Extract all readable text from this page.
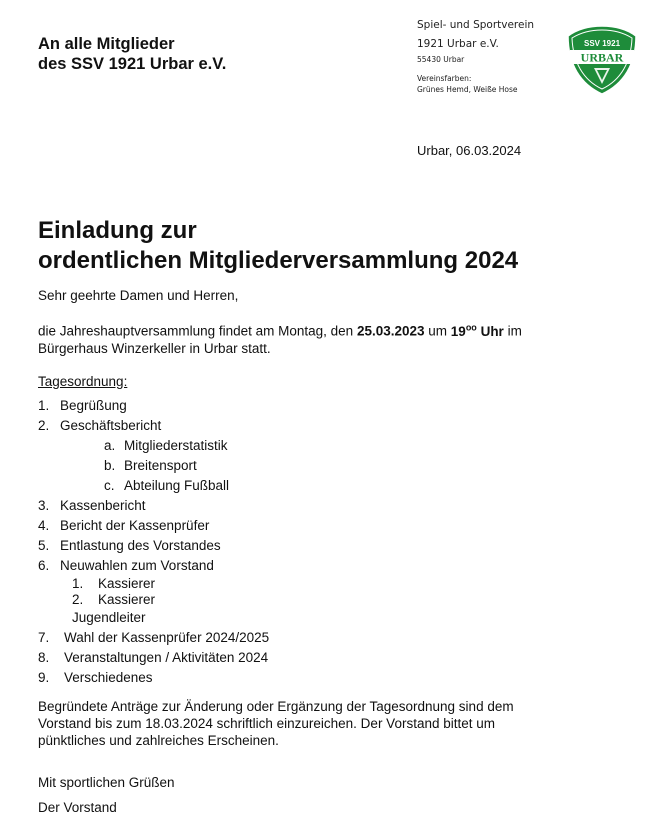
An alle Mitglieder
des SSV 1921 Urbar e.V.
Spiel- und Sportverein
1921 Urbar e.V.
55430 Urbar
Vereinsfarben:
Grünes Hemd, Weiße Hose
SSV 1921
URBAR
Urbar, 06.03.2024
Einladung zur
ordentlichen Mitgliederversammlung 2024

Sehr geehrte Damen und Herren,

die Jahreshauptversammlung findet am Montag, den 25.03.2023 um $19^{oo}$ Uhr im
Bürgerhaus Winzerkeller in Urbar statt.

Tagesordnung:

1. Begrüßung
2. Geschäftsbericht
a. Mitgliederstatistik
b. Breitensport
c. Abteilung Fußball
3. Kassenbericht
4. Bericht der Kassenprüfer
5. Entlastung des Vorstandes
6. Neuwahlen zum Vorstand
1. Kassierer
2. Kassierer
Jugendleiter
7. Wahl der Kassenprüfer 2024/2025
8. Veranstaltungen / Aktivitäten 2024
9. Verschiedenes

Begründete Anträge zur Änderung oder Ergänzung der Tagesordnung sind dem
Vorstand bis zum 18.03.2024 schriftlich einzureichen. Der Vorstand bittet um
pünktliches und zahlreiches Erscheinen.

Mit sportlichen Grüßen

Der Vorstand
